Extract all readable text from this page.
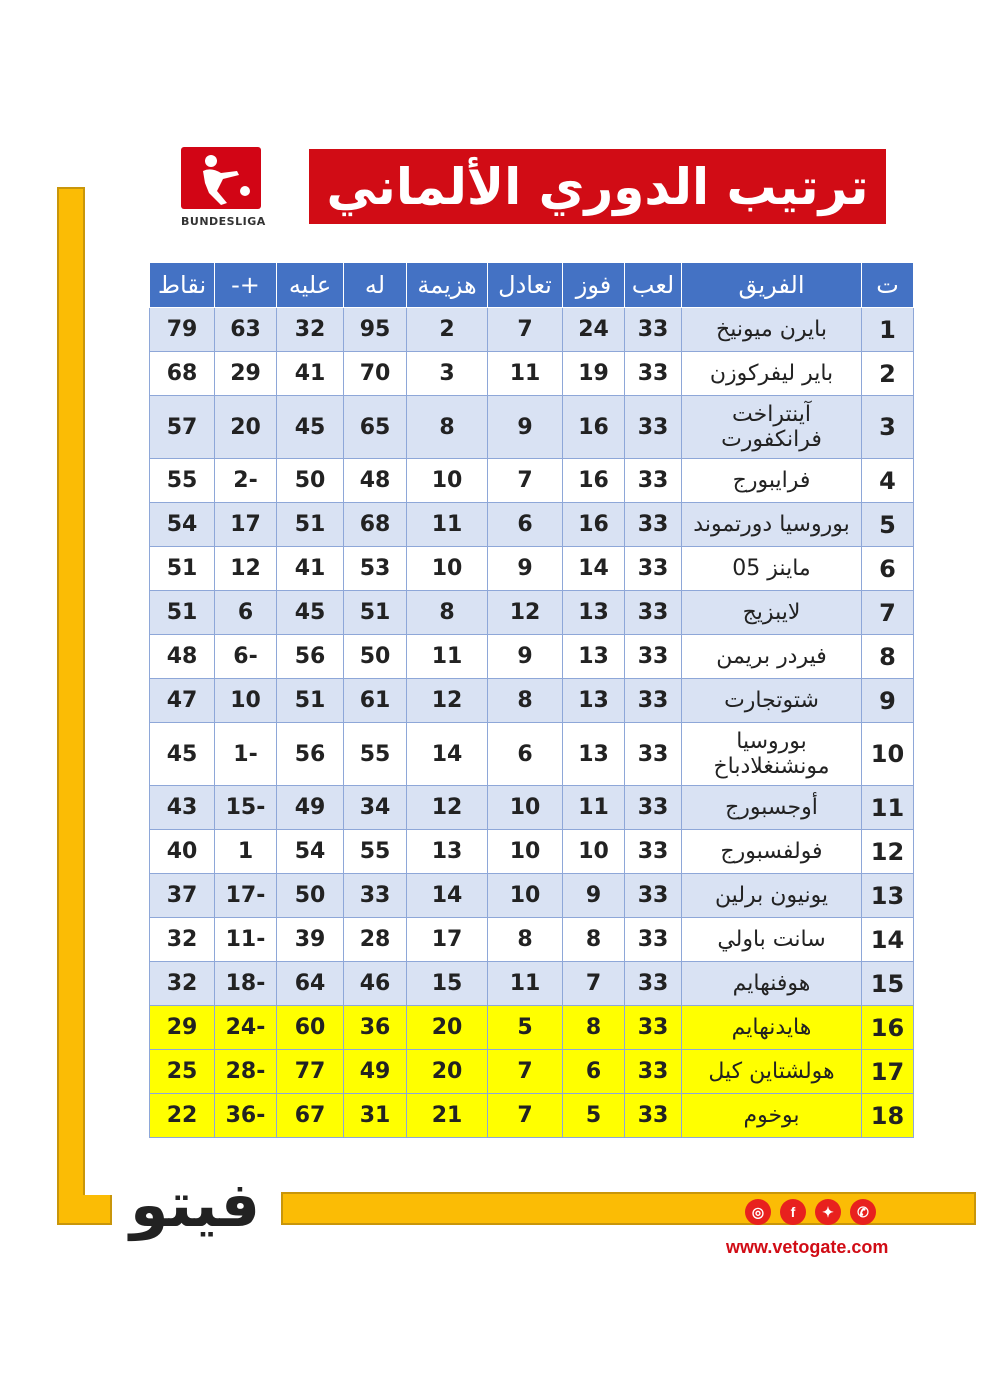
BUNDESLIGA
ترتيب الدوري الألماني
ت	الفريق	لعب	فوز	تعادل	هزيمة	له	عليه	+-	نقاط
1	بايرن ميونيخ	33	24	7	2	95	32	63	79
2	باير ليفركوزن	33	19	11	3	70	41	29	68
3	آينتراخت فرانكفورت	33	16	9	8	65	45	20	57
4	فرايبورج	33	16	7	10	48	50	-2	55
5	بوروسيا دورتموند	33	16	6	11	68	51	17	54
6	ماينز 05	33	14	9	10	53	41	12	51
7	لايبزيج	33	13	12	8	51	45	6	51
8	فيردر بريمن	33	13	9	11	50	56	-6	48
9	شتوتجارت	33	13	8	12	61	51	10	47
10	بوروسيا مونشنغلادباخ	33	13	6	14	55	56	-1	45
11	أوجسبورج	33	11	10	12	34	49	-15	43
12	فولفسبورج	33	10	10	13	55	54	1	40
13	يونيون برلين	33	9	10	14	33	50	-17	37
14	سانت باولي	33	8	8	17	28	39	-11	32
15	هوفنهايم	33	7	11	15	46	64	-18	32
16	هايدنهايم	33	8	5	20	36	60	-24	29
17	هولشتاين كيل	33	6	7	20	49	77	-28	25
18	بوخوم	33	5	7	21	31	67	-36	22
فيتو	◎	f	✦	✆
www.vetogate.com
